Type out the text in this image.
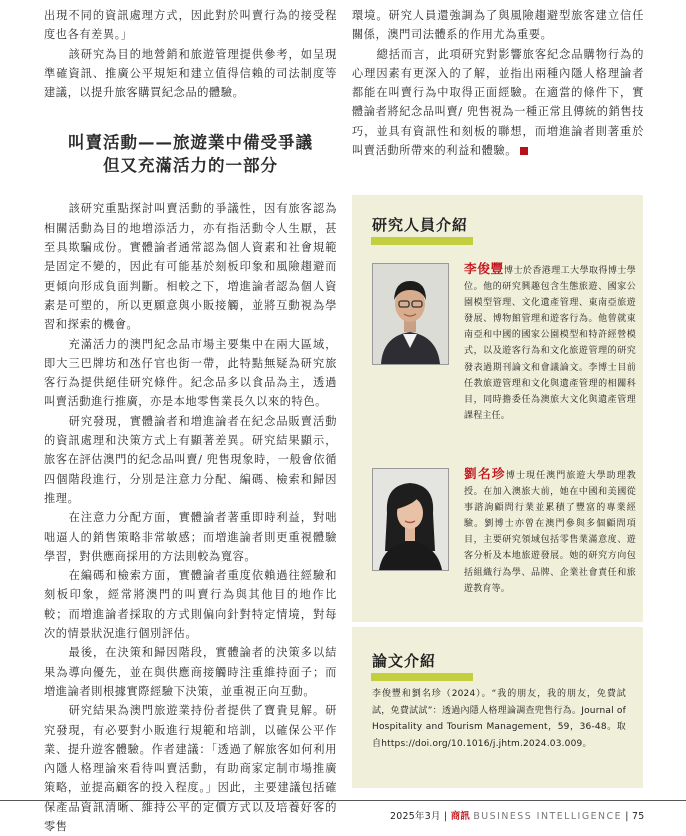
出現不同的資訊處理方式，因此對於叫賣行為的接受程度也各有差異。」

該研究為目的地營銷和旅遊管理提供參考，如呈現準確資訊、推廣公平規矩和建立值得信賴的司法制度等建議，以提升旅客購買紀念品的體驗。

叫賣活動——旅遊業中備受爭議
但又充滿活力的一部分

該研究重點探討叫賣活動的爭議性，因有旅客認為相關活動為目的地増添活力，亦有指活動令人生厭，甚至具欺騙成份。實體論者通常認為個人資素和社會規範是固定不變的，因此有可能基於刻板印象和風險趨避而更傾向形成負面判斷。相較之下，増進論者認為個人資素是可塑的，所以更願意與小販接觸，並將互動視為學習和探索的機會。

充滿活力的澳門紀念品市場主要集中在兩大區域，即大三巴牌坊和氹仔官也街一帶，此特點無疑為研究旅客行為提供絕佳研究條件。紀念品多以食品為主，透過叫賣活動進行推廣，亦是本地零售業長久以來的特色。

研究發現，實體論者和増進論者在紀念品販賣活動的資訊處理和決策方式上有顯著差異。研究結果顯示，旅客在評估澳門的紀念品叫賣/ 兜售現象時，一般會依循四個階段進行，分別是注意力分配、編碼、檢索和歸因推理。

在注意力分配方面，實體論者著重即時利益，對咄咄逼人的銷售策略非常敏感；而増進論者則更重視體驗學習，對供應商採用的方法則較為寬容。

在編碼和檢索方面，實體論者重度依賴過往經驗和刻板印象，經常將澳門的叫賣行為與其他目的地作比較；而増進論者採取的方式則偏向針對特定情境，對每次的情景狀況進行個別評估。

最後，在決策和歸因階段，實體論者的決策多以結果為導向優先，並在與供應商接觸時注重維持面子；而増進論者則根據實際經驗下決策，並重視正向互動。

研究結果為澳門旅遊業持份者提供了寶貴見解。研究發現，有必要對小販進行規範和培訓，以確保公平作業、提升遊客體驗。作者建議：「透過了解旅客如何利用內隱人格理論來看待叫賣活動，有助商家定制市場推廣策略，並提高顧客的投入程度。」因此，主要建議包括確保產品資訊清晰、維持公平的定價方式以及培養好客的零售

環境。研究人員還強調為了與風險趨避型旅客建立信任關係，澳門司法體系的作用尤為重要。

總括而言，此項研究對影響旅客紀念品購物行為的心理因素有更深入的了解，並指出兩種內隱人格理論者都能在叫賣行為中取得正面經驗。在適當的條件下，實體論者將紀念品叫賣/ 兜售視為一種正常且傳統的銷售技巧，並具有資訊性和刻板的聯想，而増進論者則著重於叫賣活動所帶來的利益和體驗。	BI

研究人員介紹
李俊豐博士於香港理工大學取得博士學位。他的研究興趣包含生態旅遊、國家公園模型管理、文化遺產管理、東南亞旅遊發展、博物館管理和遊客行為。他曾就東南亞和中國的國家公園模型和特許經營模式，以及遊客行為和文化旅遊管理的研究發表過期刊論文和會議論文。李博士目前任教旅遊管理和文化與遺產管理的相關科目，同時擔委任為澳旅大文化與遺產管理課程主任。
劉名珍博士現任澳門旅遊大學助理教授。在加入澳旅大前，她在中國和美國從事諮詢顧問行業並累積了豐富的專業經驗。劉博士亦曾在澳門參與多個顧問項目，主要研究領域包括零售業滿意度、遊客分析及本地旅遊發展。她的研究方向包括組織行為學、品牌、企業社會責任和旅遊教育等。
論文介紹
李俊豐和劉名珍（2024）。“我的朋友，我的朋友，免費試試，免費試試”：透過內隱人格理論調查兜售行為。Journal of Hospitality and Tourism Management，59，36-48。取自https://doi.org/10.1016/j.jhtm.2024.03.009。
2025年3月 | 商訊 BUSINESS INTELLIGENCE | 75
